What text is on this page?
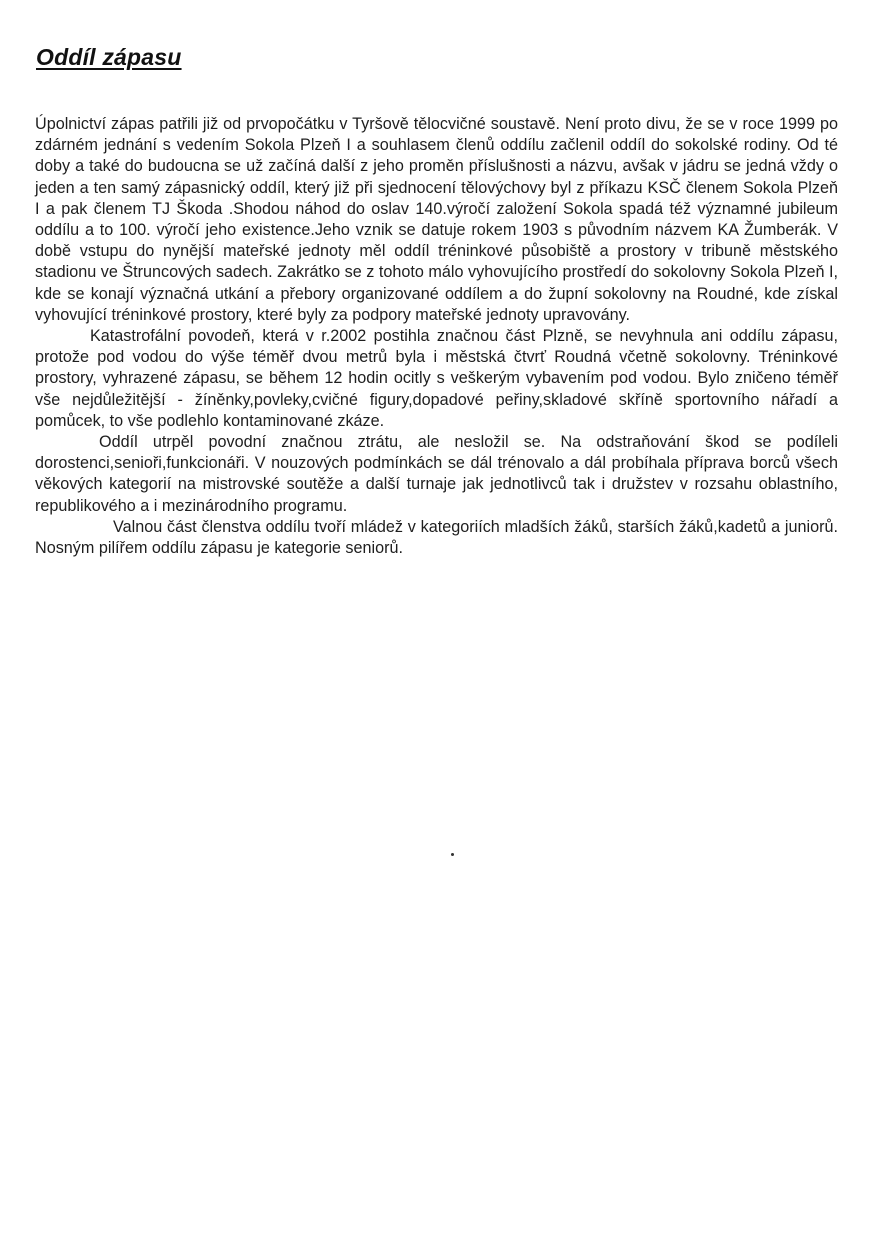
Oddíl zápasu

Úpolnictví zápas patřili již od prvopočátku v Tyršově tělocvičné soustavě. Není proto divu, že se v roce 1999 po zdárném jednání s vedením Sokola Plzeň I a souhlasem členů oddílu začlenil oddíl do sokolské rodiny. Od té doby a také do budoucna se už začíná další z jeho proměn příslušnosti a názvu, avšak v jádru se jedná vždy o jeden a ten samý zápasnický oddíl, který již při sjednocení tělovýchovy byl z příkazu KSČ členem Sokola Plzeň I a pak členem TJ Škoda .Shodou náhod do oslav 140.výročí založení Sokola spadá též významné jubileum oddílu a to 100. výročí jeho existence.Jeho vznik se datuje rokem 1903 s původním názvem KA Žumberák. V době vstupu do nynější mateřské jednoty měl oddíl tréninkové působiště a prostory v tribuně městského stadionu ve Štruncových sadech. Zakrátko se z tohoto málo vyhovujícího prostředí do sokolovny Sokola Plzeň I, kde se konají význačná utkání a přebory organizované oddílem a do župní sokolovny na Roudné, kde získal vyhovující tréninkové prostory, které byly za podpory mateřské jednoty upravovány.

Katastrofální povodeň, která v r.2002 postihla značnou část Plzně, se nevyhnula ani oddílu zápasu, protože pod vodou do výše téměř dvou metrů byla i městská čtvrť Roudná včetně sokolovny. Tréninkové prostory, vyhrazené zápasu, se během 12 hodin ocitly s veškerým vybavením pod vodou. Bylo zničeno téměř vše nejdůležitější - žíněnky,povleky,cvičné figury,dopadové peřiny,skladové skříně sportovního nářadí a pomůcek, to vše podlehlo kontaminované zkáze.

Oddíl utrpěl povodní značnou ztrátu, ale nesložil se. Na odstraňování škod se podíleli dorostenci,senioři,funkcionáři. V nouzových podmínkách se dál trénovalo a dál probíhala příprava borců všech věkových kategorií na mistrovské soutěže a další turnaje jak jednotlivců tak i družstev v rozsahu oblastního, republikového a i mezinárodního programu.

Valnou část členstva oddílu tvoří mládež v kategoriích mladších žáků, starších žáků,kadetů a juniorů. Nosným pilířem oddílu zápasu je kategorie seniorů.
